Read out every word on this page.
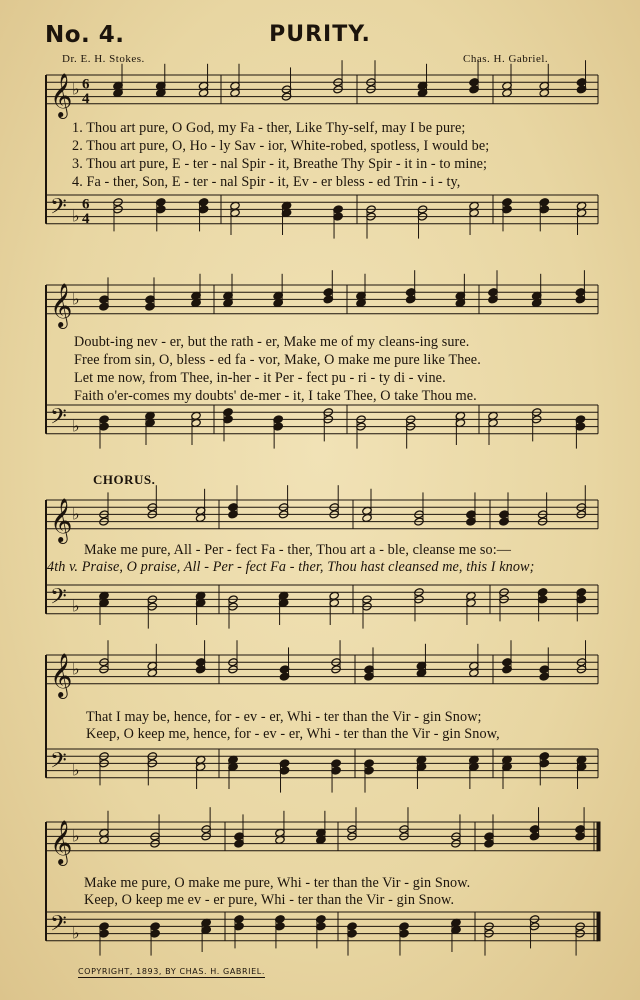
No. 4.	PURITY.
Dr. E. H. Stokes.	Chas. H. Gabriel.
𝄞 ♭
𝄢 ♭
6
4
6
4
𝄞 ♭
𝄢 ♭
𝄞 ♭
𝄢 ♭
𝄞 ♭
𝄢 ♭
𝄞 ♭
𝄢 ♭
1. Thou art pure, O God, my Fa - ther, Like Thy-self, may I be pure;
2. Thou art pure, O, Ho - ly Sav - ior, White-robed, spotless, I would be;
3. Thou art pure, E - ter - nal Spir - it, Breathe Thy Spir - it in - to mine;
4. Fa - ther, Son, E - ter - nal Spir - it, Ev - er bless - ed Trin - i - ty,
Doubt-ing nev - er, but the rath - er, Make me of my cleans-ing sure.
Free from sin, O, bless - ed fa - vor, Make, O make me pure like Thee.
Let me now, from Thee, in-her - it Per - fect pu - ri - ty di - vine.
Faith o'er-comes my doubts' de-mer - it, I take Thee, O take Thou me.
CHORUS.
Make me pure, All - Per - fect Fa - ther, Thou art a - ble, cleanse me so:—
4th v. Praise, O praise, All - Per - fect Fa - ther, Thou hast cleansed me, this I know;
That I may be, hence, for - ev - er, Whi - ter than the Vir - gin Snow;
Keep, O keep me, hence, for - ev - er, Whi - ter than the Vir - gin Snow,
Make me pure, O make me pure, Whi - ter than the Vir - gin Snow.
Keep, O keep me ev - er pure, Whi - ter than the Vir - gin Snow.
COPYRIGHT, 1893, BY CHAS. H. GABRIEL.
